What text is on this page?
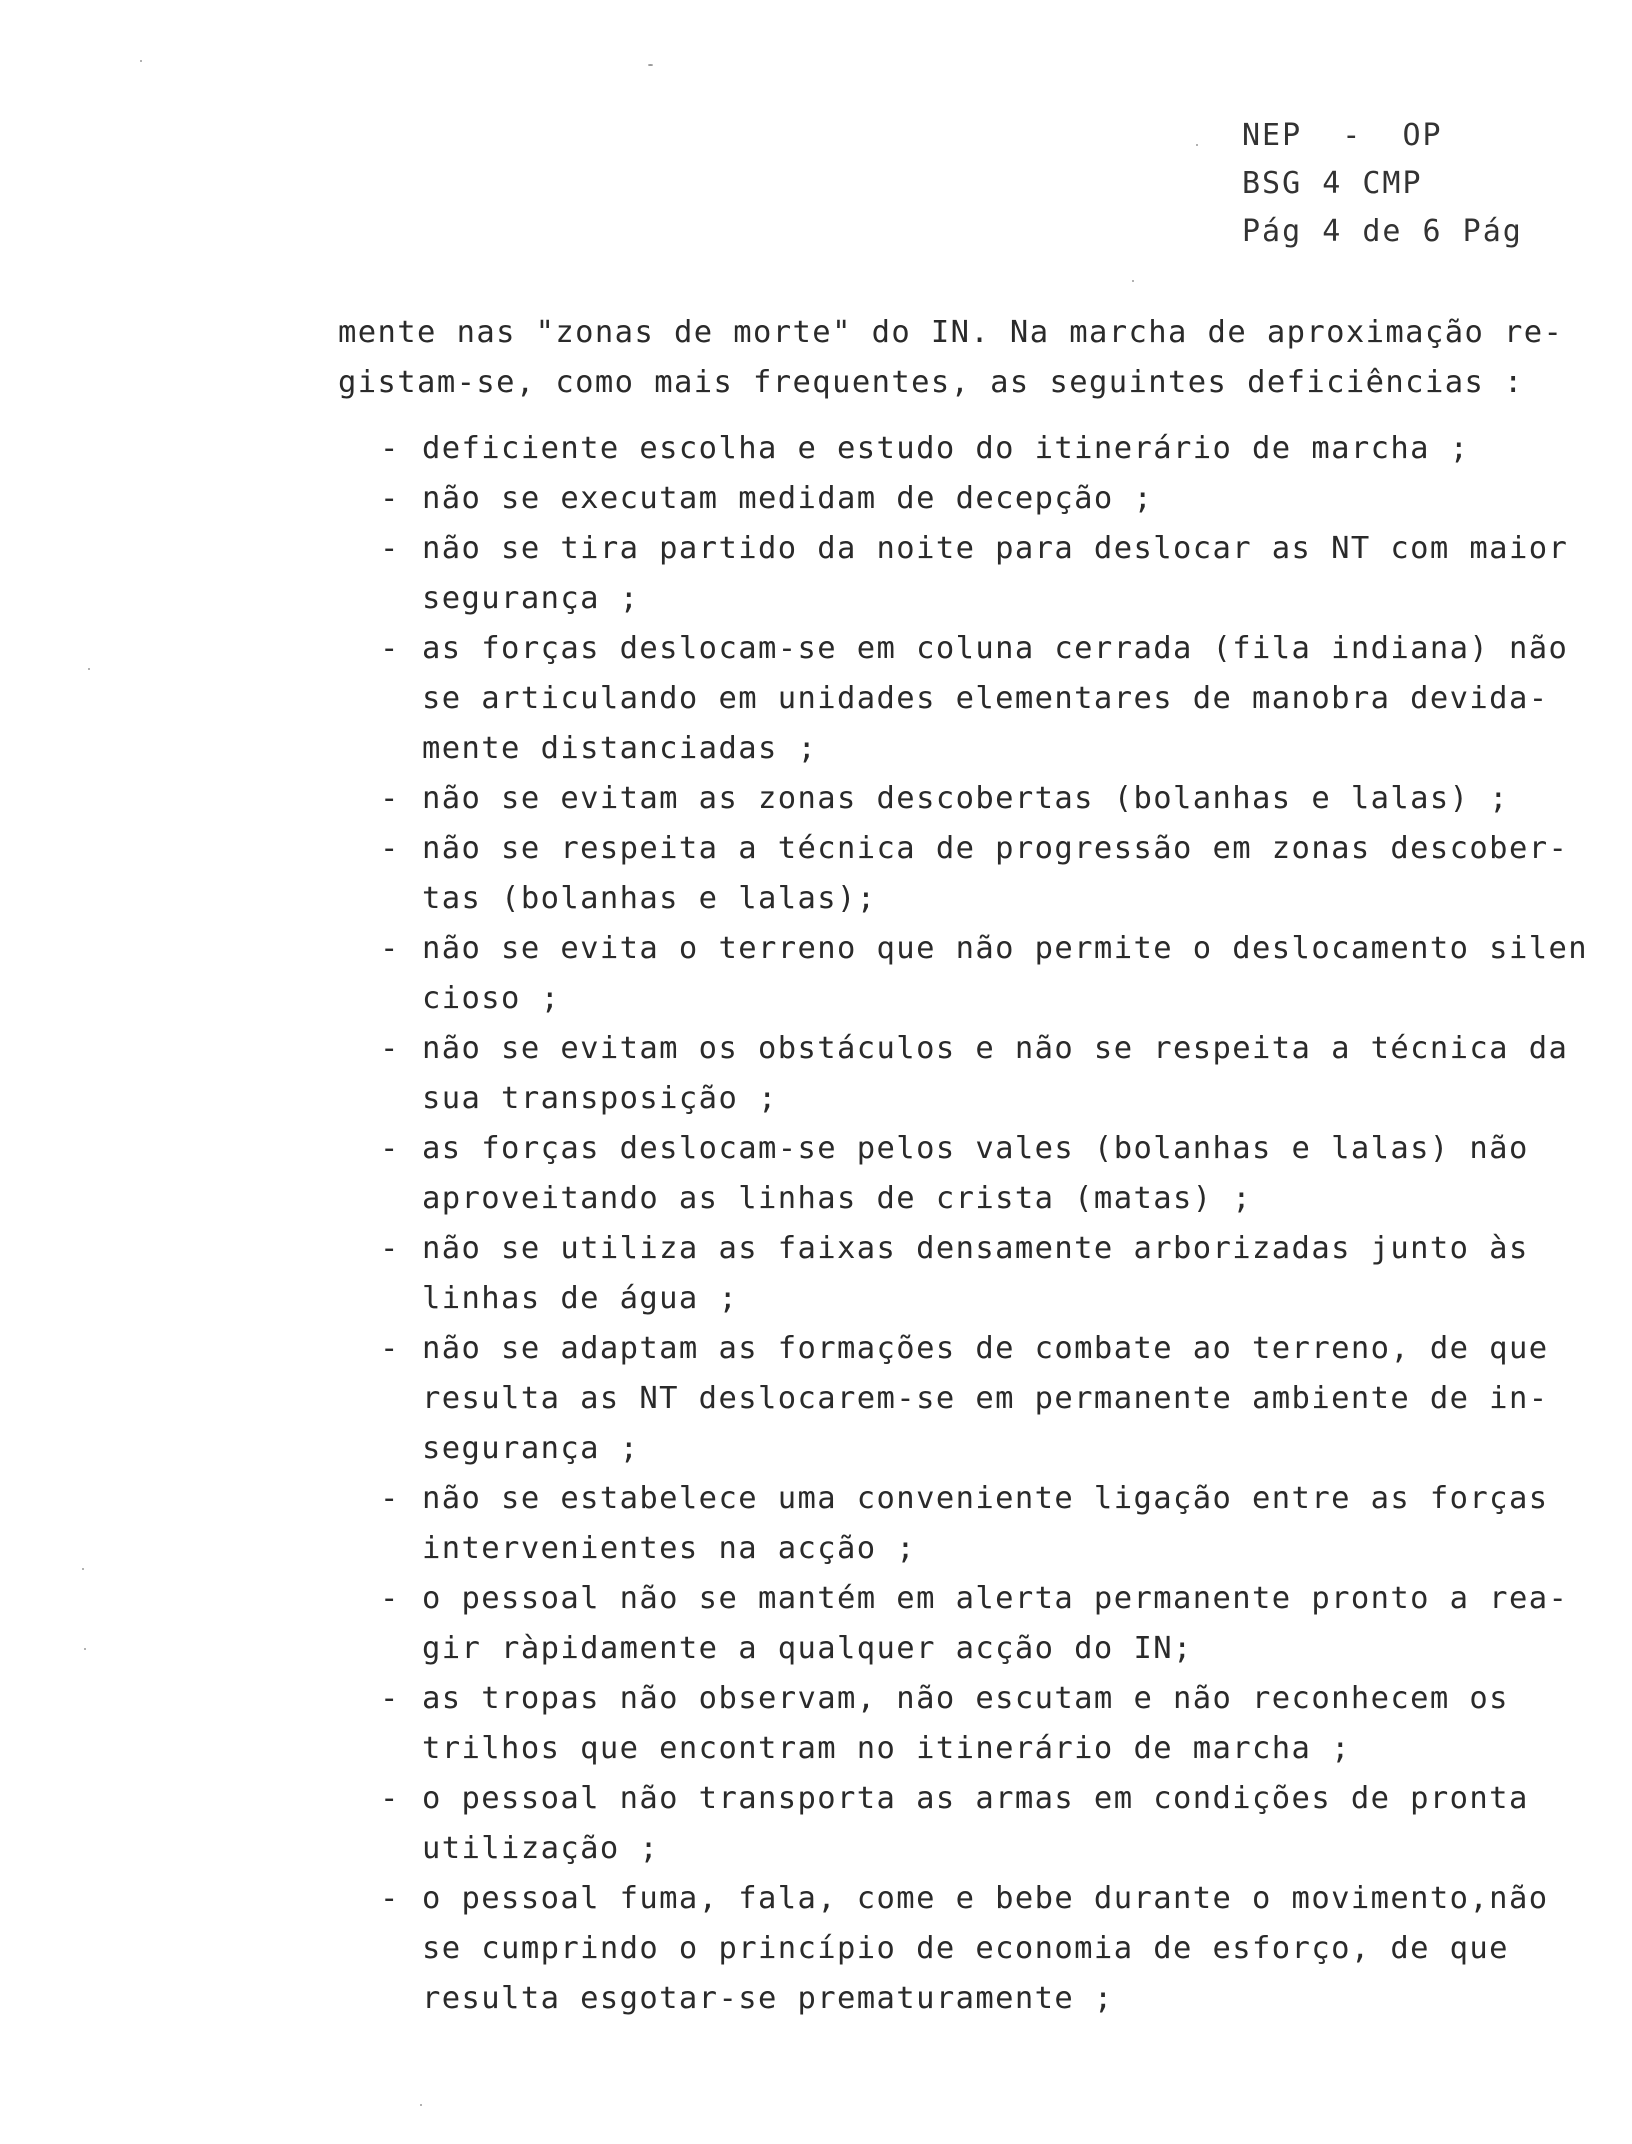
NEP  -  OP
BSG 4 CMP
Pág 4 de 6 Pág
mente nas "zonas de morte" do IN. Na marcha de aproximação re-
gistam-se, como mais frequentes, as seguintes deficiências :
- deficiente escolha e estudo do itinerário de marcha ;
- não se executam medidam de decepção ;
- não se tira partido da noite para deslocar as NT com maior
segurança ;
- as forças deslocam-se em coluna cerrada (fila indiana) não
se articulando em unidades elementares de manobra devida-
mente distanciadas ;
- não se evitam as zonas descobertas (bolanhas e lalas) ;
- não se respeita a técnica de progressão em zonas descober-
tas (bolanhas e lalas);
- não se evita o terreno que não permite o deslocamento silen
cioso ;
- não se evitam os obstáculos e não se respeita a técnica da
sua transposição ;
- as forças deslocam-se pelos vales (bolanhas e lalas) não
aproveitando as linhas de crista (matas) ;
- não se utiliza as faixas densamente arborizadas junto às
linhas de água ;
- não se adaptam as formações de combate ao terreno, de que
resulta as NT deslocarem-se em permanente ambiente de in-
segurança ;
- não se estabelece uma conveniente ligação entre as forças
intervenientes na acção ;
- o pessoal não se mantém em alerta permanente pronto a rea-
gir ràpidamente a qualquer acção do IN;
- as tropas não observam, não escutam e não reconhecem os
trilhos que encontram no itinerário de marcha ;
- o pessoal não transporta as armas em condições de pronta
utilização ;
- o pessoal fuma, fala, come e bebe durante o movimento,não
se cumprindo o princípio de economia de esforço, de que
resulta esgotar-se prematuramente ;
